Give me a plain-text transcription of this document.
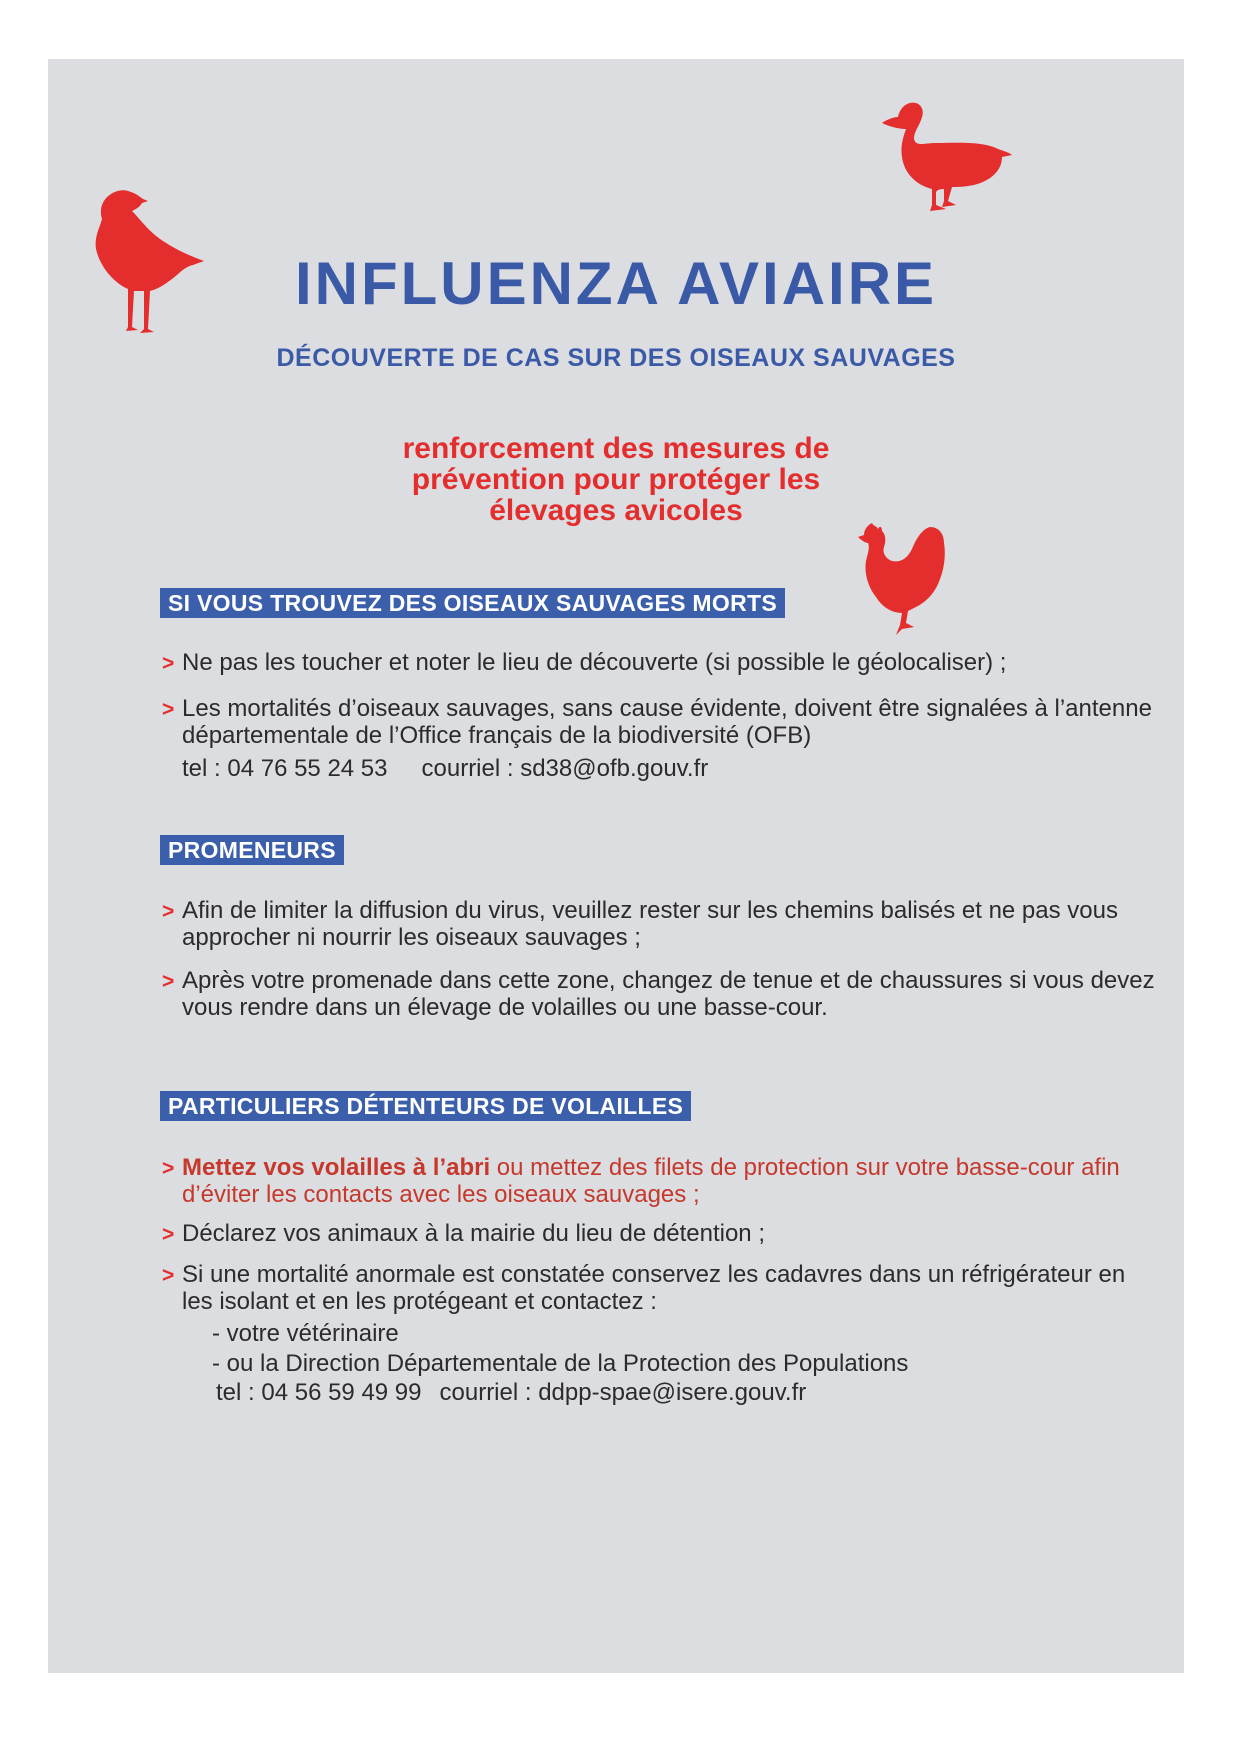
INFLUENZA AVIAIRE
DÉCOUVERTE DE CAS SUR DES OISEAUX SAUVAGES
renforcement des mesures de
prévention pour protéger les
élevages avicoles
SI VOUS TROUVEZ DES OISEAUX SAUVAGES MORTS
> Ne pas les toucher et noter le lieu de découverte (si possible le géolocaliser) ;
> Les mortalités d’oiseaux sauvages, sans cause évidente, doivent être signalées à l’antenne départementale de l’Office français de la biodiversité (OFB)
tel : 04 76 55 24 53 courriel : sd38@ofb.gouv.fr
PROMENEURS
> Afin de limiter la diffusion du virus, veuillez rester sur les chemins balisés et ne pas vous approcher ni nourrir les oiseaux sauvages ;
> Après votre promenade dans cette zone, changez de tenue et de chaussures si vous devez vous rendre dans un élevage de volailles ou une basse-cour.
PARTICULIERS DÉTENTEURS DE VOLAILLES
> Mettez vos volailles à l’abri ou mettez des filets de protection sur votre basse-cour afin d’éviter les contacts avec les oiseaux sauvages ;
> Déclarez vos animaux à la mairie du lieu de détention ;
> Si une mortalité anormale est constatée conservez les cadavres dans un réfrigérateur en les isolant et en les protégeant et contactez :
- votre vétérinaire
- ou la Direction Départementale de la Protection des Populations
tel : 04 56 59 49 99 courriel : ddpp-spae@isere.gouv.fr
